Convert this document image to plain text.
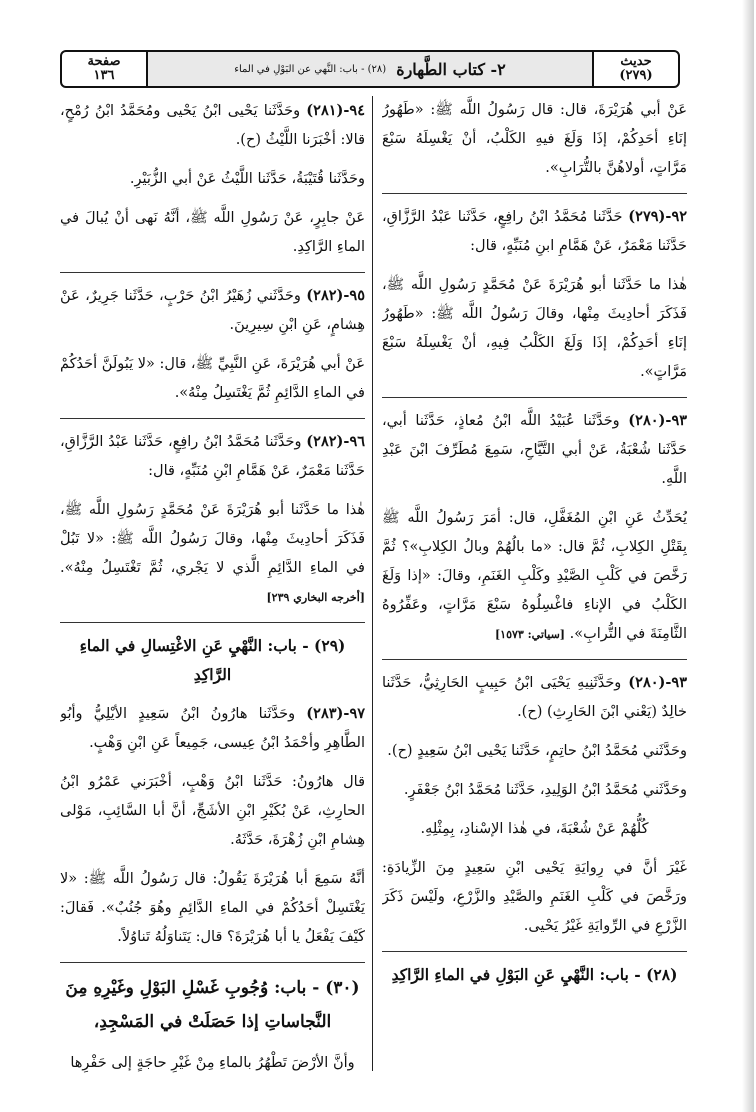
حديث
(٢٧٩)
٢- كتاب الطَّهارة
(٢٨) - باب: النَّهي عن البَوْلِ في الماء
صفحة
١٣٦

عَنْ أبي هُرَيْرَةَ، قال: قال رَسُولُ اللَّه ﷺ: «طَهُورُ إنَاءِ أحَدِكُمْ، إذَا وَلَغَ فيهِ الكَلْبُ، أنْ يَغْسِلَهُ سَبْعَ مَرَّاتٍ، أولاهُنَّ بالتُّرَابِ».

٩٢-(٢٧٩) حَدَّثَنا مُحَمَّدُ ابْنُ رافِعٍ، حَدَّثَنا عَبْدُ الرَّزَّاقِ، حَدَّثَنا مَعْمَرٌ، عَنْ هَمَّامِ ابنِ مُنَبِّهٍ، قال:

هٰذا ما حَدَّثَنا أبو هُرَيْرَةَ عَنْ مُحَمَّدٍ رَسُولِ اللَّه ﷺ، فَذَكَرَ أحادِيثَ مِنْها، وقالَ رَسُولُ اللَّه ﷺ: «طَهُورُ إنَاءِ أحَدِكُمْ، إذَا وَلَغَ الكَلْبُ فِيهِ، أنْ يَغْسِلَهُ سَبْعَ مَرَّاتٍ».

٩٣-(٢٨٠) وحَدَّثَنا عُبَيْدُ اللَّه ابْنُ مُعاذٍ، حَدَّثَنا أبي، حَدَّثَنا شُعْبَةُ، عَنْ أبي التَّيَّاحِ، سَمِعَ مُطَرِّفَ ابْنَ عَبْدِ اللَّهِ.

يُحَدِّثُ عَنِ ابْنِ المُغَفَّلِ، قال: أمَرَ رَسُولُ اللَّه ﷺ بِقَتْلِ الكِلابِ، ثُمَّ قال: «ما بالُهُمْ وبالُ الكِلابِ»؟ ثُمَّ رَخَّصَ في كَلْبِ الصَّيْدِ وكَلْبِ الغَنَمِ، وقالَ: «إذا وَلَغَ الكَلْبُ في الإناءِ فاغْسِلُوهُ سَبْعَ مَرَّاتٍ، وعَفِّرُوهُ الثَّامِنَةَ في التُّرابِ». [سياتي: ١٥٧٣]

٩٣-(٢٨٠) وحَدَّثَنِيهِ يَحْيَى ابْنُ حَبِيبٍ الحَارِثِيُّ، حَدَّثَنا خالِدٌ (يَعْني ابْنَ الحَارِثِ) (ح).

وحَدَّثَني مُحَمَّدُ ابْنُ حاتِمٍ، حَدَّثَنا يَحْيى ابْنُ سَعِيدٍ (ح).

وحَدَّثَني مُحَمَّدُ ابْنُ الوَلِيدِ، حَدَّثَنا مُحَمَّدُ ابْنُ جَعْفَرٍ.

كُلُّهُمْ عَنْ شُعْبَةَ، في هٰذا الإسْنادِ، بِمِثْلِهِ.

غَيْرَ أنَّ في رِوايَةِ يَحْيى ابْنِ سَعِيدٍ مِنَ الزِّيادَةِ: ورَخَّصَ في كَلْبِ الغَنَمِ والصَّيْدِ والزَّرْعِ، ولَيْسَ ذَكَرَ الزَّرْعِ في الرِّوايَةِ غَيْرُ يَحْيى.

(٢٨) - باب: النَّهْيِ عَنِ البَوْلِ في الماءِ الرَّاكِدِ

٩٤-(٢٨١) وحَدَّثَنا يَحْيى ابْنُ يَحْيى ومُحَمَّدُ ابْنُ رُمْحٍ، قالا: أخْبَرَنا اللَّيْثُ (ح).

وحَدَّثَنا قُتَيْبَةُ، حَدَّثَنا اللَّيْثُ عَنْ أبي الزُّبَيْرِ.

عَنْ جابِرٍ، عَنْ رَسُولِ اللَّه ﷺ، أنَّهُ نَهى أنْ يُبالَ في الماءِ الرَّاكِدِ.

٩٥-(٢٨٢) وحَدَّثَني زُهَيْرُ ابْنُ حَرْبٍ، حَدَّثَنا جَرِيرٌ، عَنْ هِشامٍ، عَنِ ابْنِ سِيرِينَ.

عَنْ أبي هُرَيْرَةَ، عَنِ النَّبِيِّ ﷺ، قال: «لا يَبُولَنَّ أحَدُكُمْ في الماءِ الدَّائِمِ ثُمَّ يَغْتَسِلُ مِنْهُ».

٩٦-(٢٨٢) وحَدَّثَنا مُحَمَّدُ ابْنُ رافِعٍ، حَدَّثَنا عَبْدُ الرَّزَّاقِ، حَدَّثَنا مَعْمَرٌ، عَنْ هَمَّامِ ابْنِ مُنَبِّهٍ، قال:

هٰذا ما حَدَّثَنا أبو هُرَيْرَةَ عَنْ مُحَمَّدٍ رَسُولِ اللَّه ﷺ، فَذَكَرَ أحادِيثَ مِنْها، وقالَ رَسُولُ اللَّه ﷺ: «لا تَبُلْ في الماءِ الدَّائِمِ الَّذي لا يَجْري، ثُمَّ تَغْتَسِلُ مِنْهُ». [أخرجه البخاري ٢٣٩]

(٢٩) - باب: النَّهْيِ عَنِ الاغْتِسالِ في الماءِ الرَّاكِدِ

٩٧-(٢٨٣) وحَدَّثَنا هارُونُ ابْنُ سَعِيدٍ الأيْلِيُّ وأبُو الطَّاهِرِ وأحْمَدُ ابْنُ عِيسى، جَمِيعاً عَنِ ابْنِ وَهْبٍ.

قال هارُونُ: حَدَّثَنا ابْنُ وَهْبٍ، أخْبَرَني عَمْرُو ابْنُ الحارِثِ، عَنْ بُكَيْرِ ابْنِ الأشَجِّ، أنَّ أبا السَّائِبِ، مَوْلى هِشامِ ابْنِ زُهْرَةَ، حَدَّثَهُ.

أنَّهُ سَمِعَ أبا هُرَيْرَةَ يَقُولُ: قال رَسُولُ اللَّه ﷺ: «لا يَغْتَسِلْ أحَدُكُمْ في الماءِ الدَّائِمِ وهُوَ جُنُبٌ». فَقالَ: كَيْفَ يَفْعَلُ يا أبا هُرَيْرَةَ؟ قال: يَتَناوَلُهُ تَناوُلاً.

(٣٠) - باب: وُجُوبِ غَسْلِ البَوْلِ وغَيْرِهِ مِنَ النَّجاساتِ إذا حَصَلَتْ في المَسْجِدِ،

وأنَّ الأرْضَ تَطْهُرُ بالماءِ مِنْ غَيْرِ حاجَةٍ إلى حَفْرِها
